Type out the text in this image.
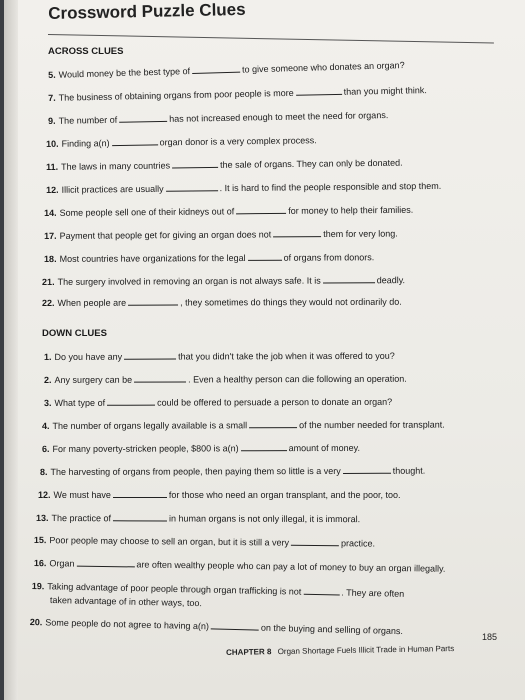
Crossword Puzzle Clues
ACROSS CLUES
5. Would money be the best type of	to give someone who donates an organ?
7. The business of obtaining organs from poor people is more	than you might think.
9. The number of	has not increased enough to meet the need for organs.
10. Finding a(n)	organ donor is a very complex process.
11. The laws in many countries	the sale of organs. They can only be donated.
12. Illicit practices are usually	. It is hard to find the people responsible and stop them.
14. Some people sell one of their kidneys out of	for money to help their families.
17. Payment that people get for giving an organ does not	them for very long.
18. Most countries have organizations for the legal	of organs from donors.
21. The surgery involved in removing an organ is not always safe. It is	deadly.
22. When people are	, they sometimes do things they would not ordinarily do.
DOWN CLUES
1. Do you have any	that you didn't take the job when it was offered to you?
2. Any surgery can be	. Even a healthy person can die following an operation.
3. What type of	could be offered to persuade a person to donate an organ?
4. The number of organs legally available is a small	of the number needed for transplant.
6. For many poverty-stricken people, $800 is a(n)	amount of money.
8. The harvesting of organs from people, then paying them so little is a very	thought.
12. We must have	for those who need an organ transplant, and the poor, too.
13. The practice of	in human organs is not only illegal, it is immoral.
15. Poor people may choose to sell an organ, but it is still a very	practice.
16. Organ	are often wealthy people who can pay a lot of money to buy an organ illegally.
19. Taking advantage of poor people through organ trafficking is not	. They are often
taken advantage of in other ways, too.
20. Some people do not agree to having a(n)	on the buying and selling of organs.
185
CHAPTER 8 Organ Shortage Fuels Illicit Trade in Human Parts
